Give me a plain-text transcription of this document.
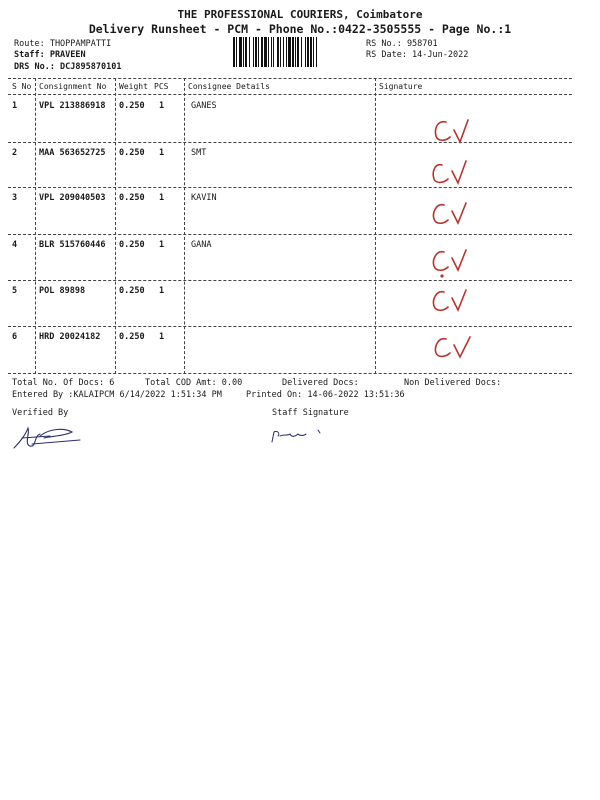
THE PROFESSIONAL COURIERS, Coimbatore
Delivery Runsheet - PCM - Phone No.:0422-3505555 - Page No.:1
Route: THOPPAMPATTI
Staff: PRAVEEN
DRS No.: DCJ895870101
RS No.: 958701
RS Date: 14-Jun-2022
S No Consignment No Weight PCS Consignee Details	Signature
1	VPL 213886918 0.250 1	GANES
2	MAA 563652725 0.250 1	SMT
3	VPL 209040503 0.250 1	KAVIN
4	BLR 515760446 0.250 1	GANA
5	POL 89898	0.250 1
6	HRD 20024182 0.250 1
Total No. Of Docs: 6	Total COD Amt: 0.00	Delivered Docs:	Non Delivered Docs:
Entered By :KALAIPCM 6/14/2022 1:51:34 PM	Printed On: 14-06-2022 13:51:36
Verified By	Staff Signature
